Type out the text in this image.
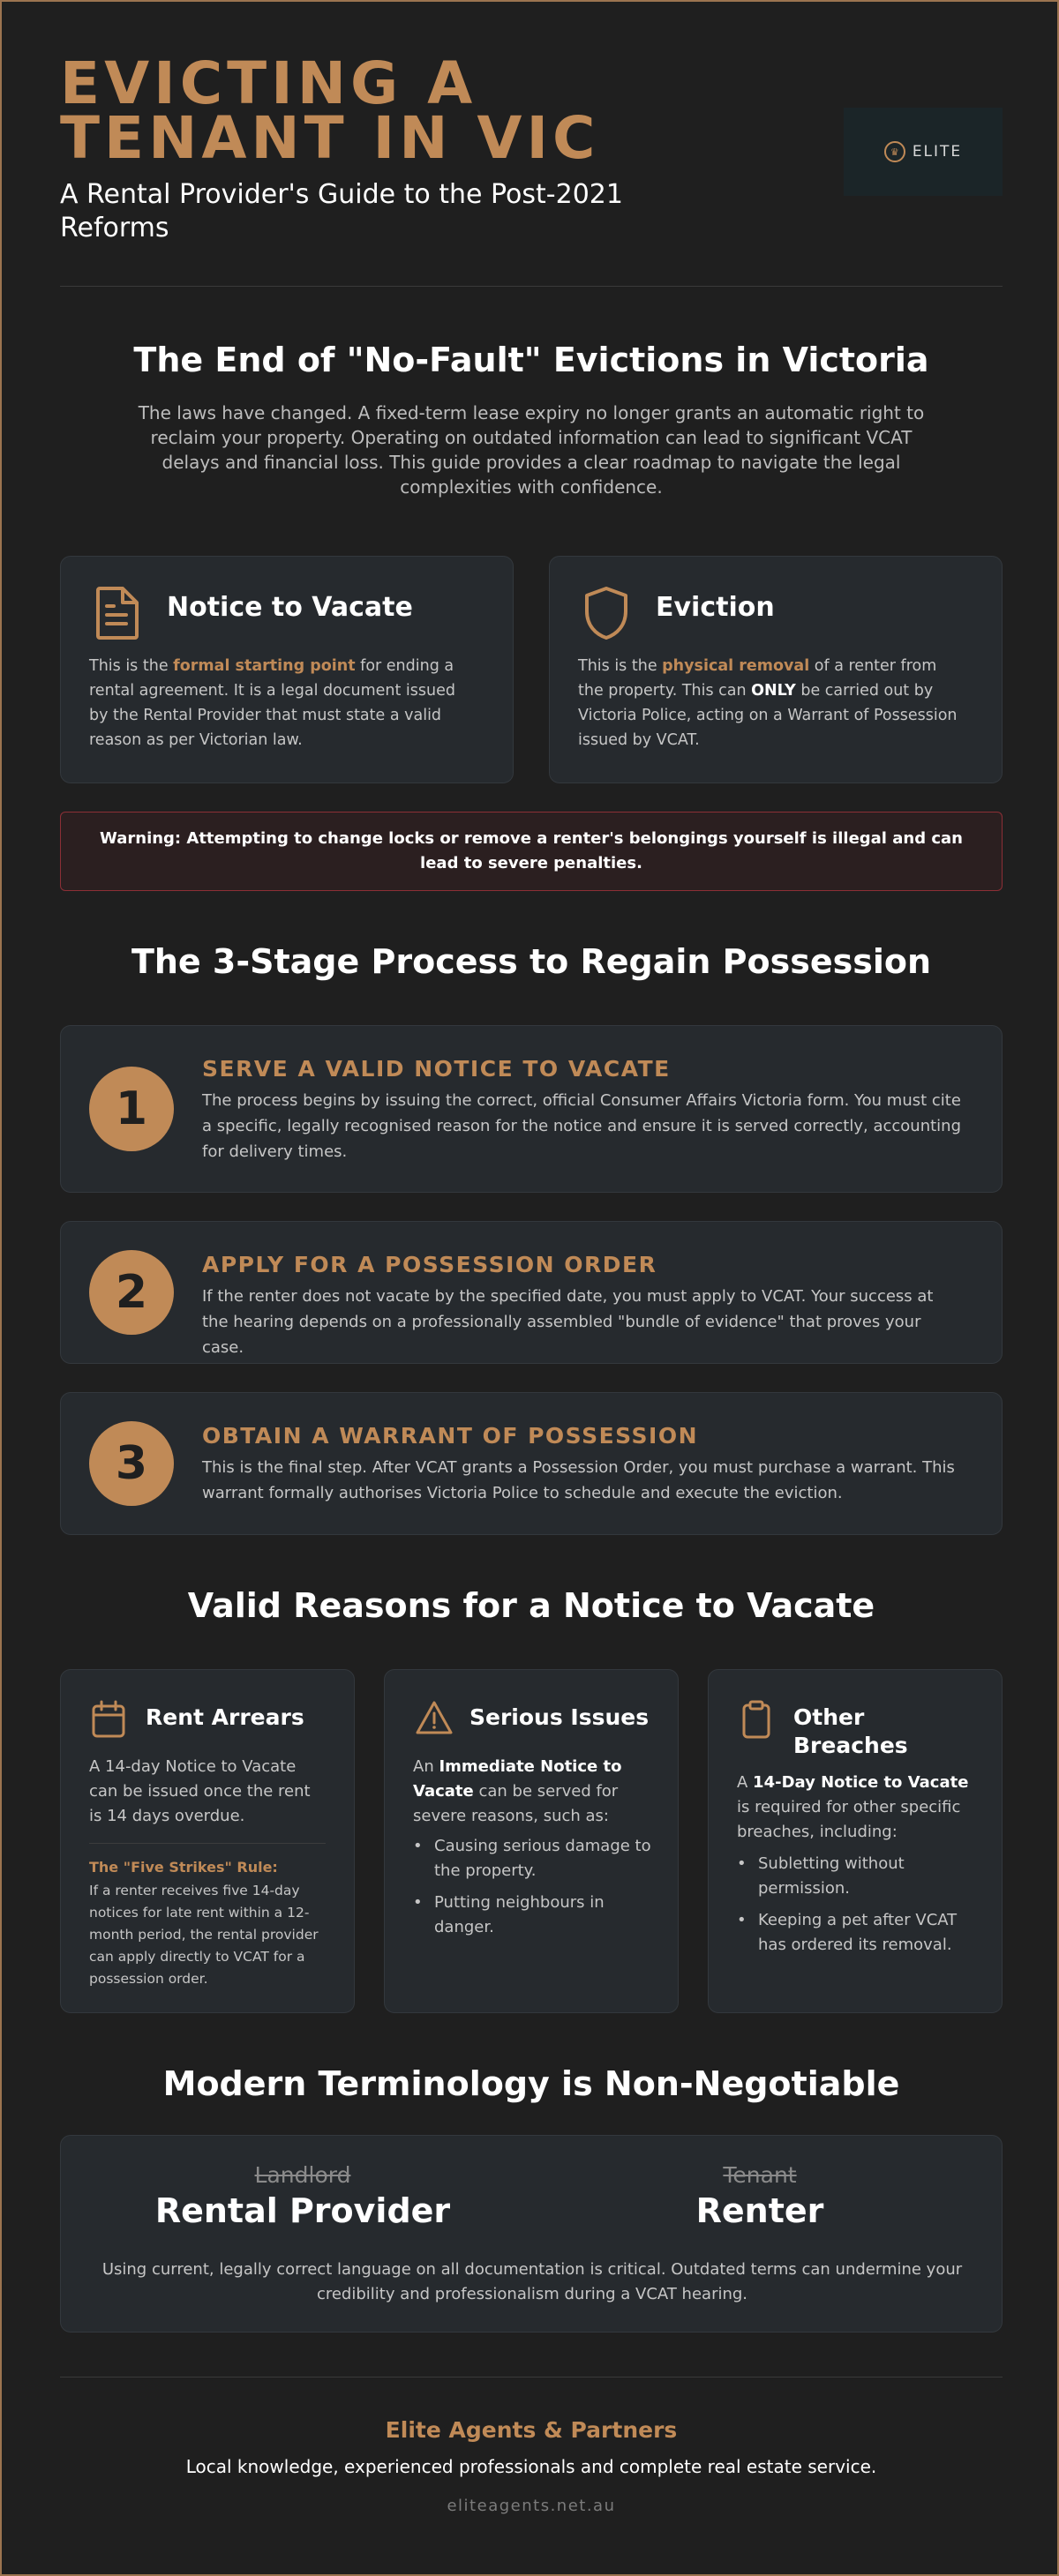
EVICTING A
TENANT IN VIC
A Rental Provider's Guide to the Post-2021 Reforms
♛ ELITE
The End of "No-Fault" Evictions in Victoria
The laws have changed. A fixed-term lease expiry no longer grants an automatic right to reclaim your property. Operating on outdated information can lead to significant VCAT delays and financial loss. This guide provides a clear roadmap to navigate the legal complexities with confidence.
Notice to Vacate
This is the formal starting point for ending a rental agreement. It is a legal document issued by the Rental Provider that must state a valid reason as per Victorian law.
Eviction
This is the physical removal of a renter from the property. This can ONLY be carried out by Victoria Police, acting on a Warrant of Possession issued by VCAT.
Warning: Attempting to change locks or remove a renter's belongings yourself is illegal and can lead to severe penalties.
The 3-Stage Process to Regain Possession
1
SERVE A VALID NOTICE TO VACATE
The process begins by issuing the correct, official Consumer Affairs Victoria form. You must cite a specific, legally recognised reason for the notice and ensure it is served correctly, accounting for delivery times.
2
APPLY FOR A POSSESSION ORDER
If the renter does not vacate by the specified date, you must apply to VCAT. Your success at the hearing depends on a professionally assembled "bundle of evidence" that proves your case.
3
OBTAIN A WARRANT OF POSSESSION
This is the final step. After VCAT grants a Possession Order, you must purchase a warrant. This warrant formally authorises Victoria Police to schedule and execute the eviction.
Valid Reasons for a Notice to Vacate
Rent Arrears
A 14-day Notice to Vacate can be issued once the rent is 14 days overdue.
The "Five Strikes" Rule:
If a renter receives five 14-day notices for late rent within a 12-month period, the rental provider can apply directly to VCAT for a possession order.
Serious Issues
An Immediate Notice to Vacate can be served for severe reasons, such as:
• Causing serious damage to the property.
• Putting neighbours in danger.
Other Breaches
A 14-Day Notice to Vacate is required for other specific breaches, including:
• Subletting without permission.
• Keeping a pet after VCAT has ordered its removal.
Modern Terminology is Non-Negotiable
Landlord
Rental Provider
Tenant
Renter
Using current, legally correct language on all documentation is critical. Outdated terms can undermine your credibility and professionalism during a VCAT hearing.
Elite Agents & Partners
Local knowledge, experienced professionals and complete real estate service.
eliteagents.net.au
